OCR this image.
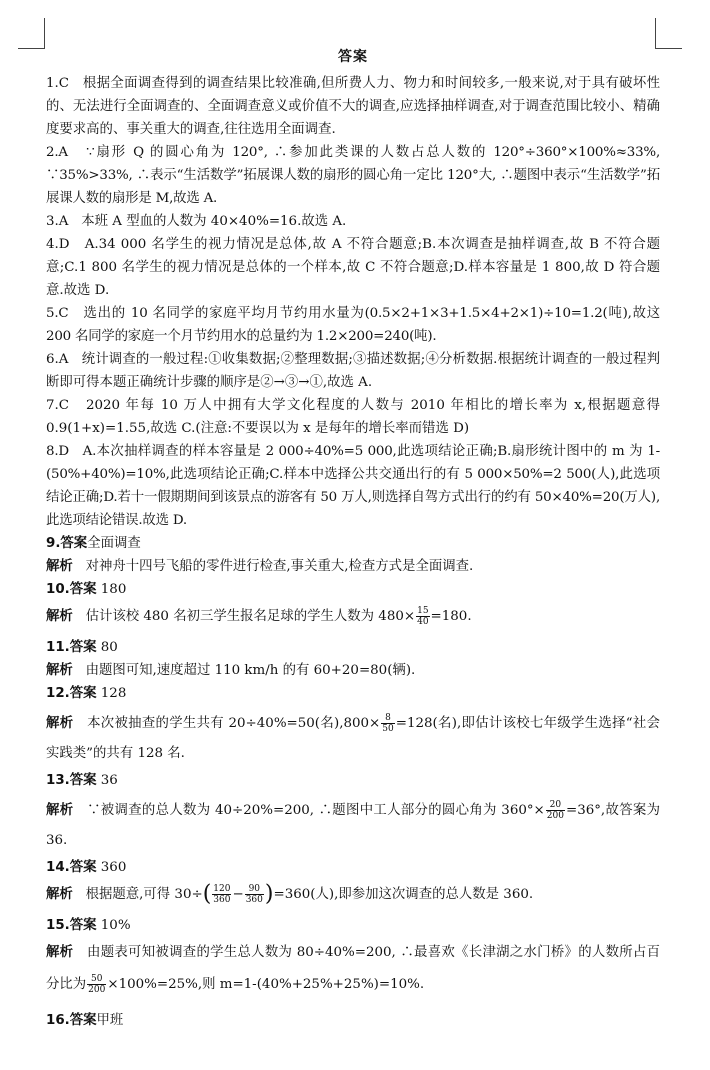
答案

1.C 根据全面调查得到的调查结果比较准确,但所费人力、物力和时间较多,一般来说,对于具有破坏性的、无法进行全面调查的、全面调查意义或价值不大的调查,应选择抽样调查,对于调查范围比较小、精确度要求高的、事关重大的调查,往往选用全面调查.

2.A ∵扇形 Q 的圆心角为 120°, ∴参加此类课的人数占总人数的 120°÷360°×100%≈33%, ∵35%>33%, ∴表示“生活数学”拓展课人数的扇形的圆心角一定比 120°大, ∴题图中表示“生活数学”拓展课人数的扇形是 M,故选 A.

3.A 本班 A 型血的人数为 40×40%=16.故选 A.

4.D A.34 000 名学生的视力情况是总体,故 A 不符合题意;B.本次调查是抽样调查,故 B 不符合题意;C.1 800 名学生的视力情况是总体的一个样本,故 C 不符合题意;D.样本容量是 1 800,故 D 符合题意.故选 D.

5.C 选出的 10 名同学的家庭平均月节约用水量为(0.5×2+1×3+1.5×4+2×1)÷10=1.2(吨),故这 200 名同学的家庭一个月节约用水的总量约为 1.2×200=240(吨).

6.A 统计调查的一般过程:①收集数据;②整理数据;③描述数据;④分析数据.根据统计调查的一般过程判断即可得本题正确统计步骤的顺序是②→③→①,故选 A.

7.C 2020 年每 10 万人中拥有大学文化程度的人数与 2010 年相比的增长率为 x,根据题意得 0.9(1+x)=1.55,故选 C.(注意:不要误以为 x 是每年的增长率而错选 D)

8.D A.本次抽样调查的样本容量是 2 000÷40%=5 000,此选项结论正确;B.扇形统计图中的 m 为 1-(50%+40%)=10%,此选项结论正确;C.样本中选择公共交通出行的有 5 000×50%=2 500(人),此选项结论正确;D.若十一假期期间到该景点的游客有 50 万人,则选择自驾方式出行的约有 50×40%=20(万人),此选项结论错误.故选 D.

9.答案全面调查

解析 对神舟十四号飞船的零件进行检查,事关重大,检查方式是全面调查.

10.答案 180

解析 估计该校 480 名初三学生报名足球的学生人数为 $480\times \frac{15}{40} =180$.

11.答案 80

解析 由题图可知,速度超过 110 km/h 的有 60+20=80(辆).

12.答案 128

解析 本次被抽查的学生共有 20÷40%=50(名)$,800\times \frac{8}{50} =128$(名),即估计该校七年级学生选择“社会实践类”的共有 128 名.

13.答案 36

解析 ∵被调查的总人数为 40÷20%=200, ∴题图中工人部分的圆心角为 $360^\circ\times \frac{20}{200} =36^\circ$,故答案为 36.

14.答案 360

解析 根据题意,可得 $30\div( \frac{120}{360} - \frac{90}{360} )=360$(人),即参加这次调查的总人数是 360.

15.答案 10%

解析 由题表可知被调查的学生总人数为 80÷40%=200, ∴最喜欢《长津湖之水门桥》的人数所占百分比为 $\frac{50}{200} \times 100\%=25\%$,则 m=1-(40%+25%+25%)=10%.

16.答案甲班
